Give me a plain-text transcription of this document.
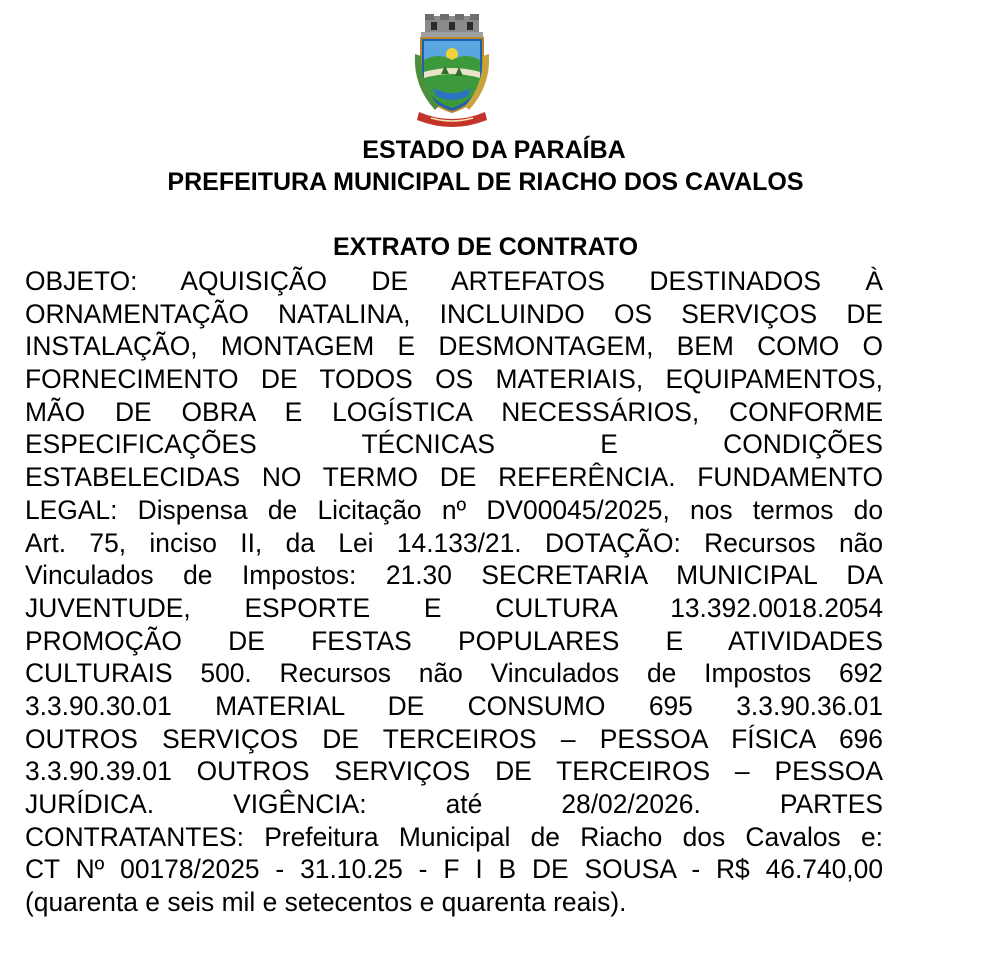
ESTADO DA PARAÍBA
PREFEITURA MUNICIPAL DE RIACHO DOS CAVALOS
EXTRATO DE CONTRATO
OBJETO: AQUISIÇÃO DE ARTEFATOS DESTINADOS À
ORNAMENTAÇÃO NATALINA, INCLUINDO OS SERVIÇOS DE
INSTALAÇÃO, MONTAGEM E DESMONTAGEM, BEM COMO O
FORNECIMENTO DE TODOS OS MATERIAIS, EQUIPAMENTOS,
MÃO DE OBRA E LOGÍSTICA NECESSÁRIOS, CONFORME
ESPECIFICAÇÕES TÉCNICAS E CONDIÇÕES
ESTABELECIDAS NO TERMO DE REFERÊNCIA. FUNDAMENTO
LEGAL: Dispensa de Licitação nº DV00045/2025, nos termos do
Art. 75, inciso II, da Lei 14.133/21. DOTAÇÃO: Recursos não
Vinculados de Impostos: 21.30 SECRETARIA MUNICIPAL DA
JUVENTUDE, ESPORTE E CULTURA 13.392.0018.2054
PROMOÇÃO DE FESTAS POPULARES E ATIVIDADES
CULTURAIS 500. Recursos não Vinculados de Impostos 692
3.3.90.30.01 MATERIAL DE CONSUMO 695 3.3.90.36.01
OUTROS SERVIÇOS DE TERCEIROS – PESSOA FÍSICA 696
3.3.90.39.01 OUTROS SERVIÇOS DE TERCEIROS – PESSOA
JURÍDICA. VIGÊNCIA: até 28/02/2026. PARTES
CONTRATANTES: Prefeitura Municipal de Riacho dos Cavalos e:
CT Nº 00178/2025 - 31.10.25 - F I B DE SOUSA - R$ 46.740,00
(quarenta e seis mil e setecentos e quarenta reais).
